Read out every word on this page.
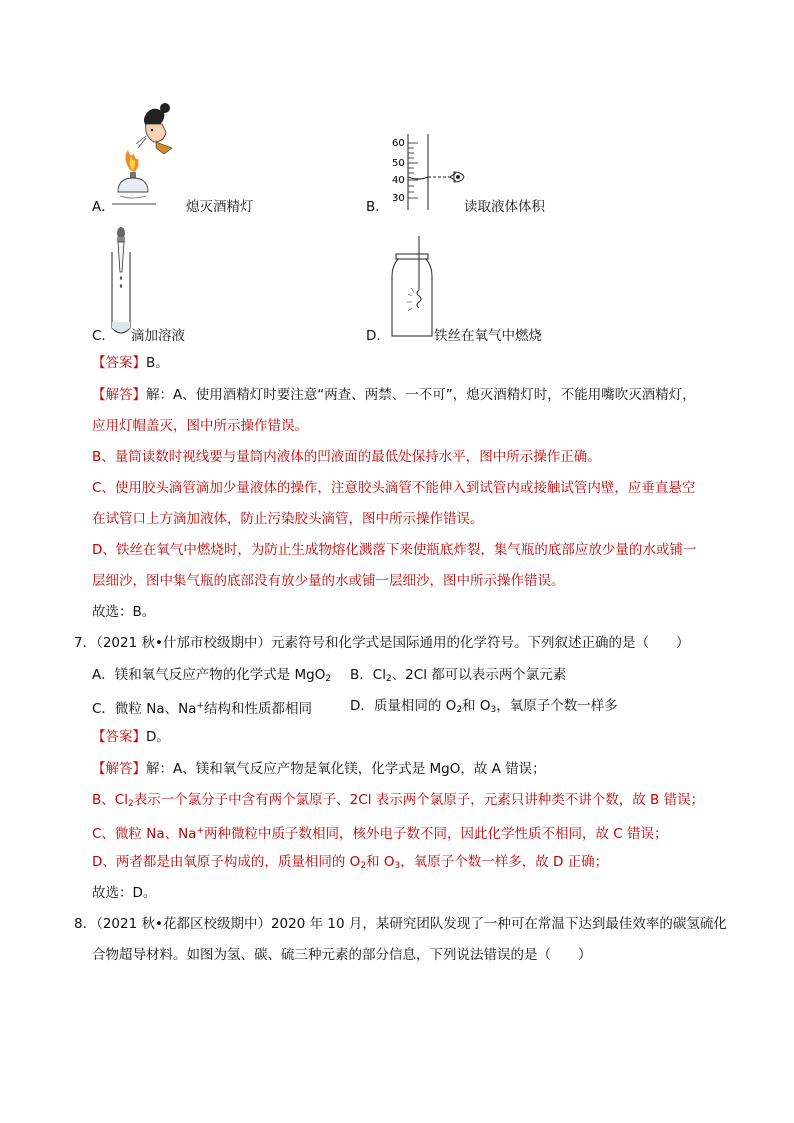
A．	熄灭酒精灯
60
50
40
30
B．	读取液体体积
C． 滴加溶液	D．	铁丝在氧气中燃烧
【答案】B。
【解答】解：A、使用酒精灯时要注意“两查、两禁、一不可”，熄灭酒精灯时，不能用嘴吹灭酒精灯，
应用灯帽盖灭，图中所示操作错误。
B、量筒读数时视线要与量筒内液体的凹液面的最低处保持水平，图中所示操作正确。
C、使用胶头滴管滴加少量液体的操作，注意胶头滴管不能伸入到试管内或接触试管内壁，应垂直悬空
在试管口上方滴加液体，防止污染胶头滴管，图中所示操作错误。
D、铁丝在氧气中燃烧时，为防止生成物熔化溅落下来使瓶底炸裂，集气瓶的底部应放少量的水或铺一
层细沙，图中集气瓶的底部没有放少量的水或铺一层细沙，图中所示操作错误。
故选：B。
7．（2021 秋•什邡市校级期中）元素符号和化学式是国际通用的化学符号。下列叙述正确的是（　　）
A．镁和氧气反应产物的化学式是 MgO$_2$ B．$Cl_2$、2Cl 都可以表示两个氯元素
C．微粒 Na、Na+结构和性质都相同	D．质量相同的 $O_2$和 $O_3$，氧原子个数一样多
【答案】D。
【解答】解：A、镁和氧气反应产物是氧化镁，化学式是 MgO，故 A 错误；
B、$Cl_2$表示一个氯分子中含有两个氯原子、2Cl 表示两个氯原子，元素只讲种类不讲个数，故 B 错误；
C、微粒 Na、Na+两种微粒中质子数相同，核外电子数不同，因此化学性质不相同，故 C 错误；
D、两者都是由氧原子构成的，质量相同的 $O_2$和 $O_3$，氧原子个数一样多，故 D 正确；
故选：D。
8．（2021 秋•花都区校级期中）2020 年 10 月，某研究团队发现了一种可在常温下达到最佳效率的碳氢硫化
合物超导材料。如图为氢、碳、硫三种元素的部分信息，下列说法错误的是（　　）
